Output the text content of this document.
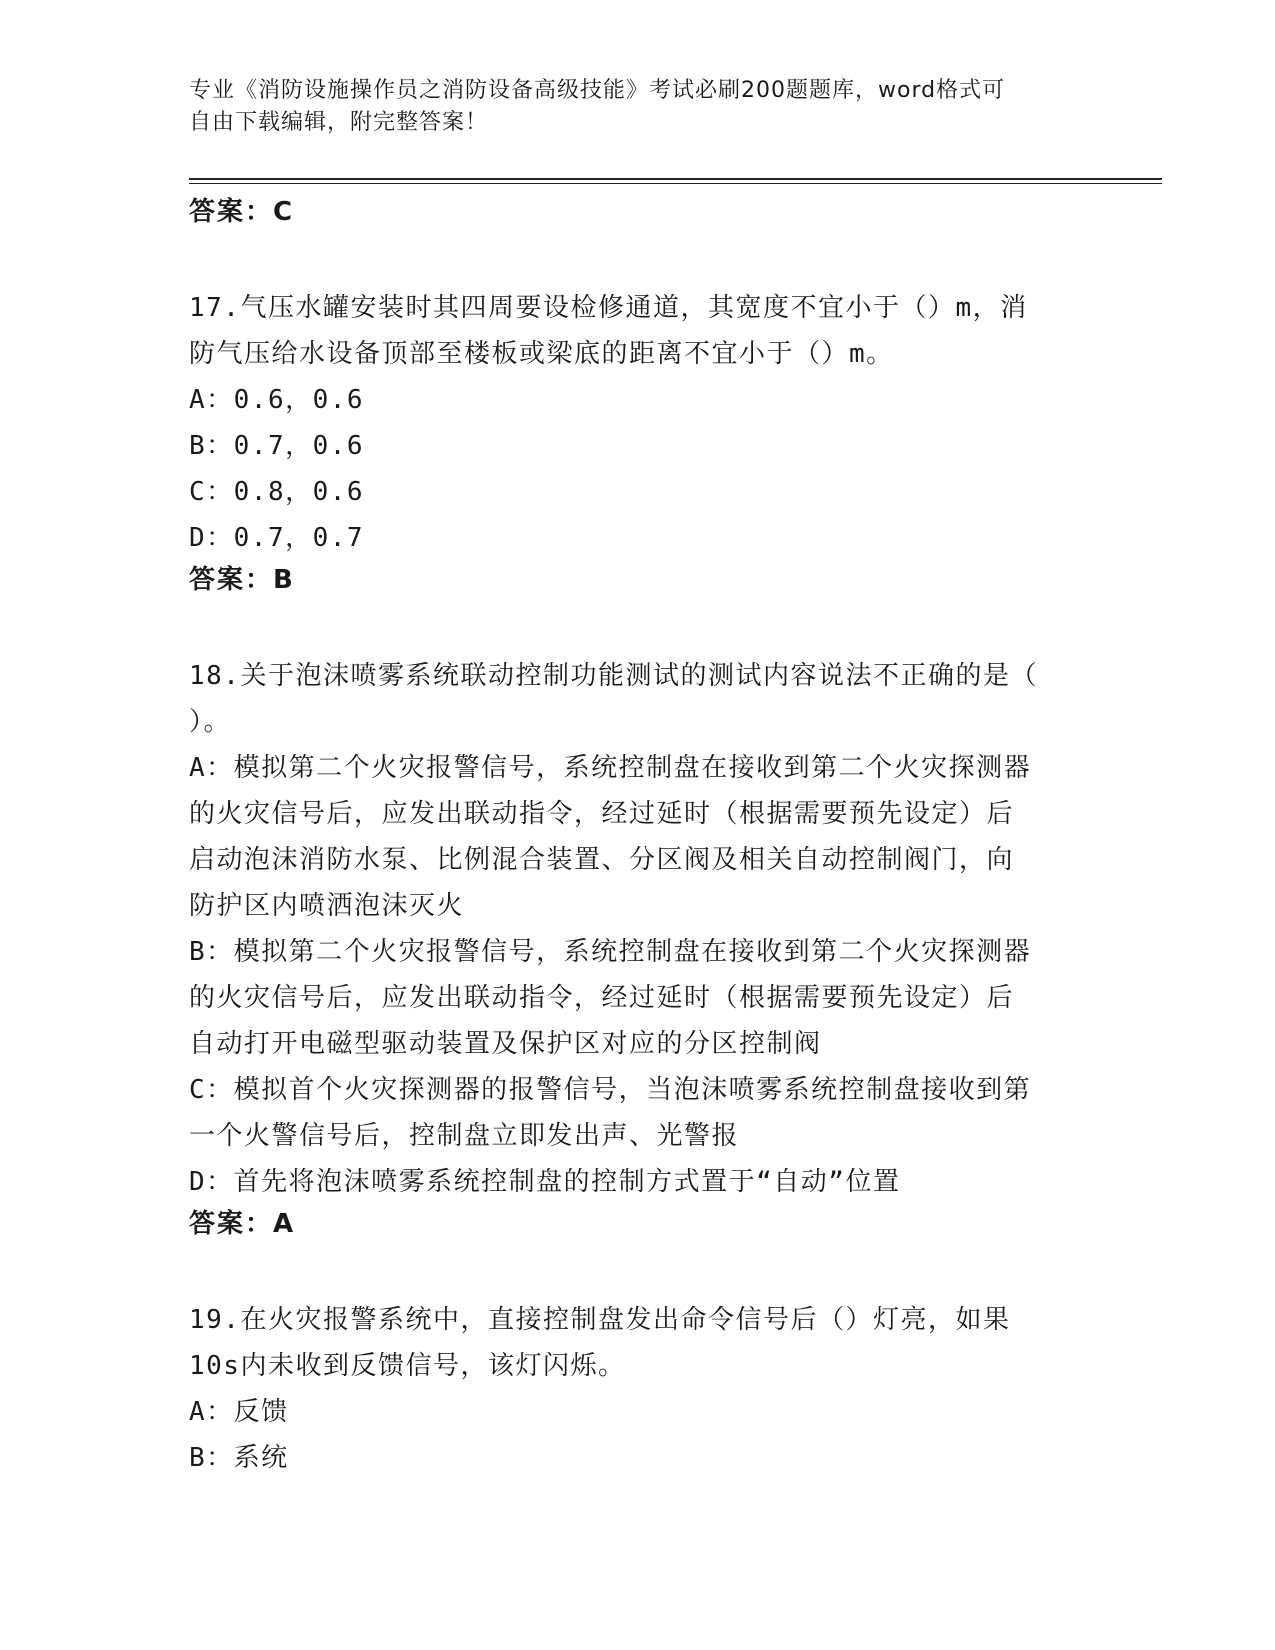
专业《消防设施操作员之消防设备高级技能》考试必刷200题题库，word格式可
自由下载编辑，附完整答案！
答案：C

17.气压水罐安装时其四周要设检修通道，其宽度不宜小于（）m，消

防气压给水设备顶部至楼板或梁底的距离不宜小于（）m。

A：0.6，0.6

B：0.7，0.6

C：0.8，0.6

D：0.7，0.7

答案：B

18.关于泡沫喷雾系统联动控制功能测试的测试内容说法不正确的是（

）。

A：模拟第二个火灾报警信号，系统控制盘在接收到第二个火灾探测器

的火灾信号后，应发出联动指令，经过延时（根据需要预先设定）后

启动泡沫消防水泵、比例混合装置、分区阀及相关自动控制阀门，向

防护区内喷洒泡沫灭火

B：模拟第二个火灾报警信号，系统控制盘在接收到第二个火灾探测器

的火灾信号后，应发出联动指令，经过延时（根据需要预先设定）后

自动打开电磁型驱动装置及保护区对应的分区控制阀

C：模拟首个火灾探测器的报警信号，当泡沫喷雾系统控制盘接收到第

一个火警信号后，控制盘立即发出声、光警报

D：首先将泡沫喷雾系统控制盘的控制方式置于“自动”位置

答案：A

19.在火灾报警系统中，直接控制盘发出命令信号后（）灯亮，如果

10s内未收到反馈信号，该灯闪烁。

A：反馈

B：系统
